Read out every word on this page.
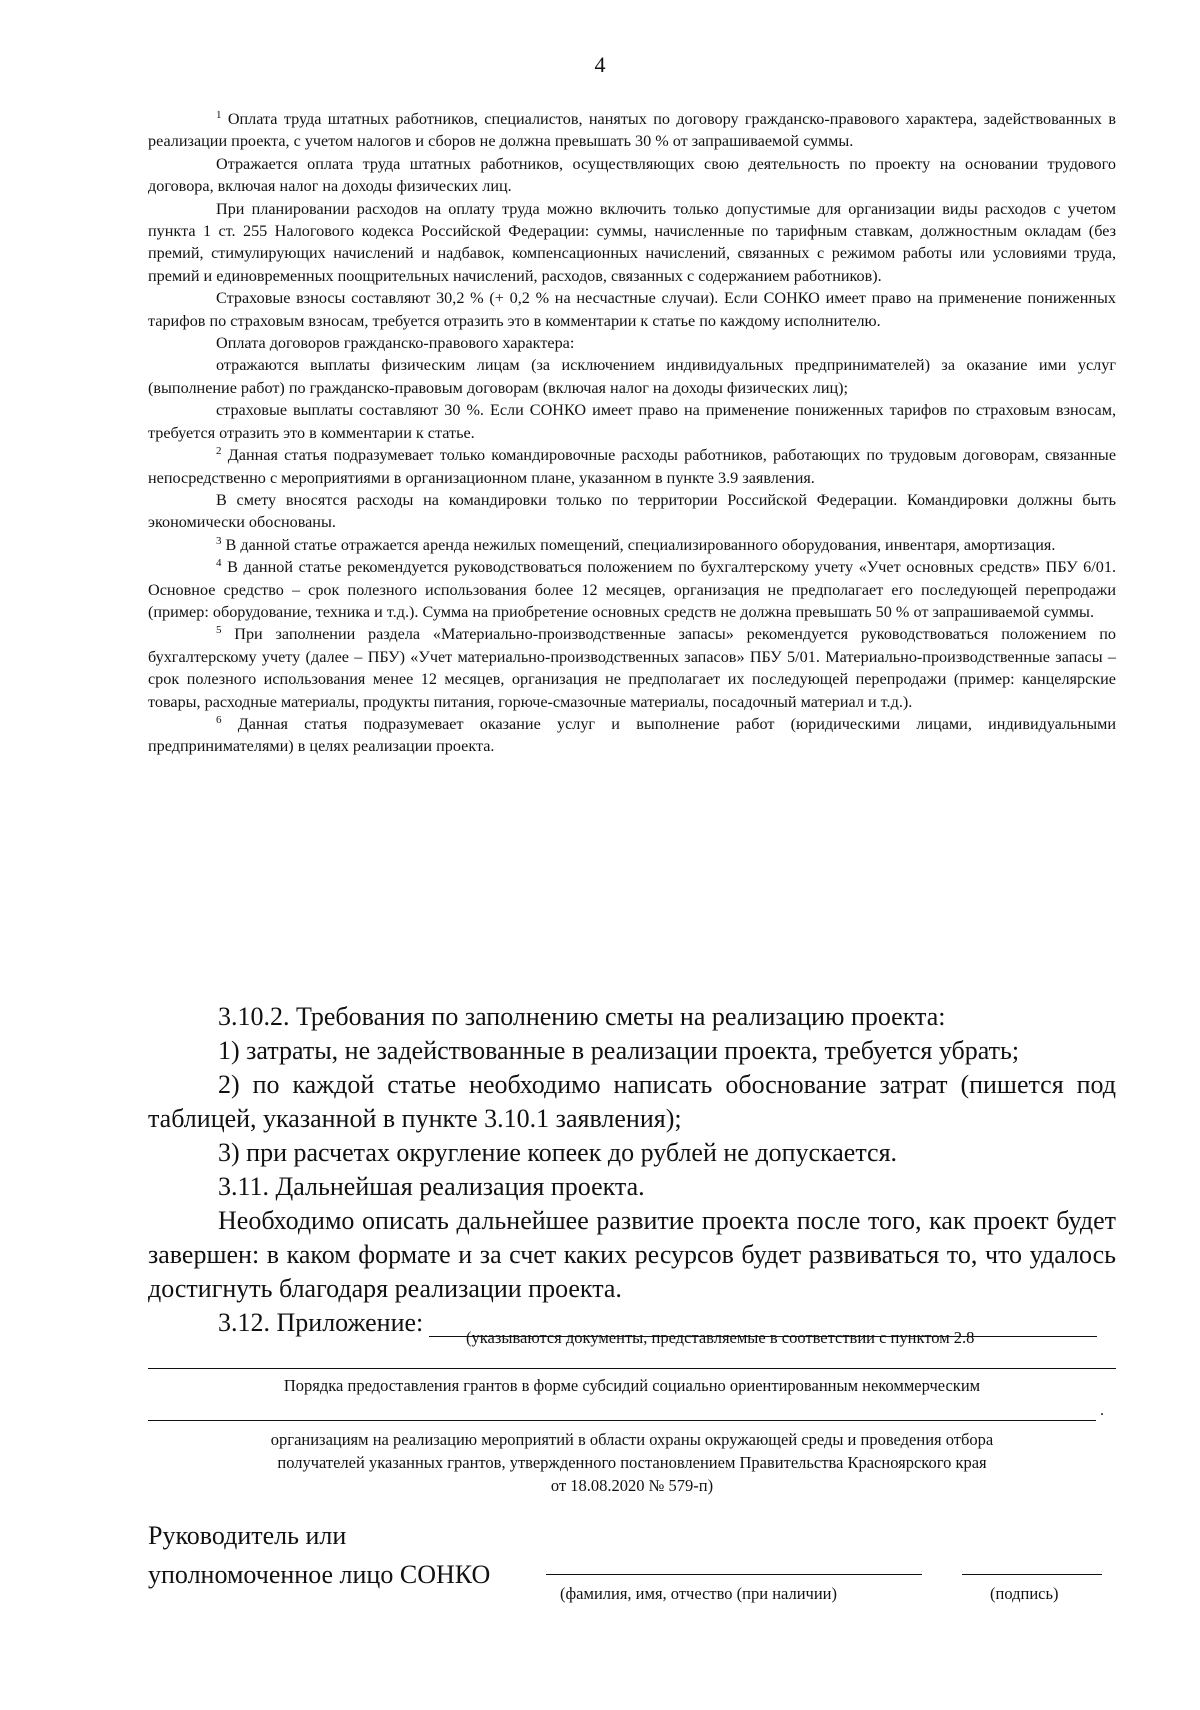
4

$^1$ Оплата труда штатных работников, специалистов, нанятых по договору гражданско-правового характера, задействованных в реализации проекта, с учетом налогов и сборов не должна превышать 30 % от запрашиваемой суммы.

Отражается оплата труда штатных работников, осуществляющих свою деятельность по проекту на основании трудового договора, включая налог на доходы физических лиц.

При планировании расходов на оплату труда можно включить только допустимые для организации виды расходов с учетом пункта 1 ст. 255 Налогового кодекса Российской Федерации: суммы, начисленные по тарифным ставкам, должностным окладам (без премий, стимулирующих начислений и надбавок, компенсационных начислений, связанных с режимом работы или условиями труда, премий и единовременных поощрительных начислений, расходов, связанных с содержанием работников).

Страховые взносы составляют 30,2 % (+ 0,2 % на несчастные случаи). Если СОНКО имеет право на применение пониженных тарифов по страховым взносам, требуется отразить это в комментарии к статье по каждому исполнителю.

Оплата договоров гражданско-правового характера:

отражаются выплаты физическим лицам (за исключением индивидуальных предпринимателей) за оказание ими услуг (выполнение работ) по гражданско-правовым договорам (включая налог на доходы физических лиц);

страховые выплаты составляют 30 %. Если СОНКО имеет право на применение пониженных тарифов по страховым взносам, требуется отразить это в комментарии к статье.

$^2$ Данная статья подразумевает только командировочные расходы работников, работающих по трудовым договорам, связанные непосредственно с мероприятиями в организационном плане, указанном в пункте 3.9 заявления.

В смету вносятся расходы на командировки только по территории Российской Федерации. Командировки должны быть экономически обоснованы.

$^3$ В данной статье отражается аренда нежилых помещений, специализированного оборудования, инвентаря, амортизация.

$^4$ В данной статье рекомендуется руководствоваться положением по бухгалтерскому учету «Учет основных средств» ПБУ 6/01. Основное средство – срок полезного использования более 12 месяцев, организация не предполагает его последующей перепродажи (пример: оборудование, техника и т.д.). Сумма на приобретение основных средств не должна превышать 50 % от запрашиваемой суммы.

$^5$ При заполнении раздела «Материально-производственные запасы» рекомендуется руководствоваться положением по бухгалтерскому учету (далее – ПБУ) «Учет материально-производственных запасов» ПБУ 5/01. Материально-производственные запасы – срок полезного использования менее 12 месяцев, организация не предполагает их последующей перепродажи (пример: канцелярские товары, расходные материалы, продукты питания, горюче-смазочные материалы, посадочный материал и т.д.).

$^6$ Данная статья подразумевает оказание услуг и выполнение работ (юридическими лицами, индивидуальными предпринимателями) в целях реализации проекта.

3.10.2. Требования по заполнению сметы на реализацию проекта:

1) затраты, не задействованные в реализации проекта, требуется убрать;

2) по каждой статье необходимо написать обоснование затрат (пишется под таблицей, указанной в пункте 3.10.1 заявления);

3) при расчетах округление копеек до рублей не допускается.

3.11. Дальнейшая реализация проекта.

Необходимо описать дальнейшее развитие проекта после того, как проект будет завершен: в каком формате и за счет каких ресурсов будет развиваться то, что удалось достигнуть благодаря реализации проекта.

3.12. Приложение:

(указываются документы, представляемые в соответствии с пунктом 2.8
Порядка предоставления грантов в форме субсидий социально ориентированным некоммерческим
.
организациям на реализацию мероприятий в области охраны окружающей среды и проведения отбора
получателей указанных грантов, утвержденного постановлением Правительства Красноярского края
от 18.08.2020 № 579-п)
Руководитель или
уполномоченное лицо СОНКО
(фамилия, имя, отчество (при наличии)	(подпись)
